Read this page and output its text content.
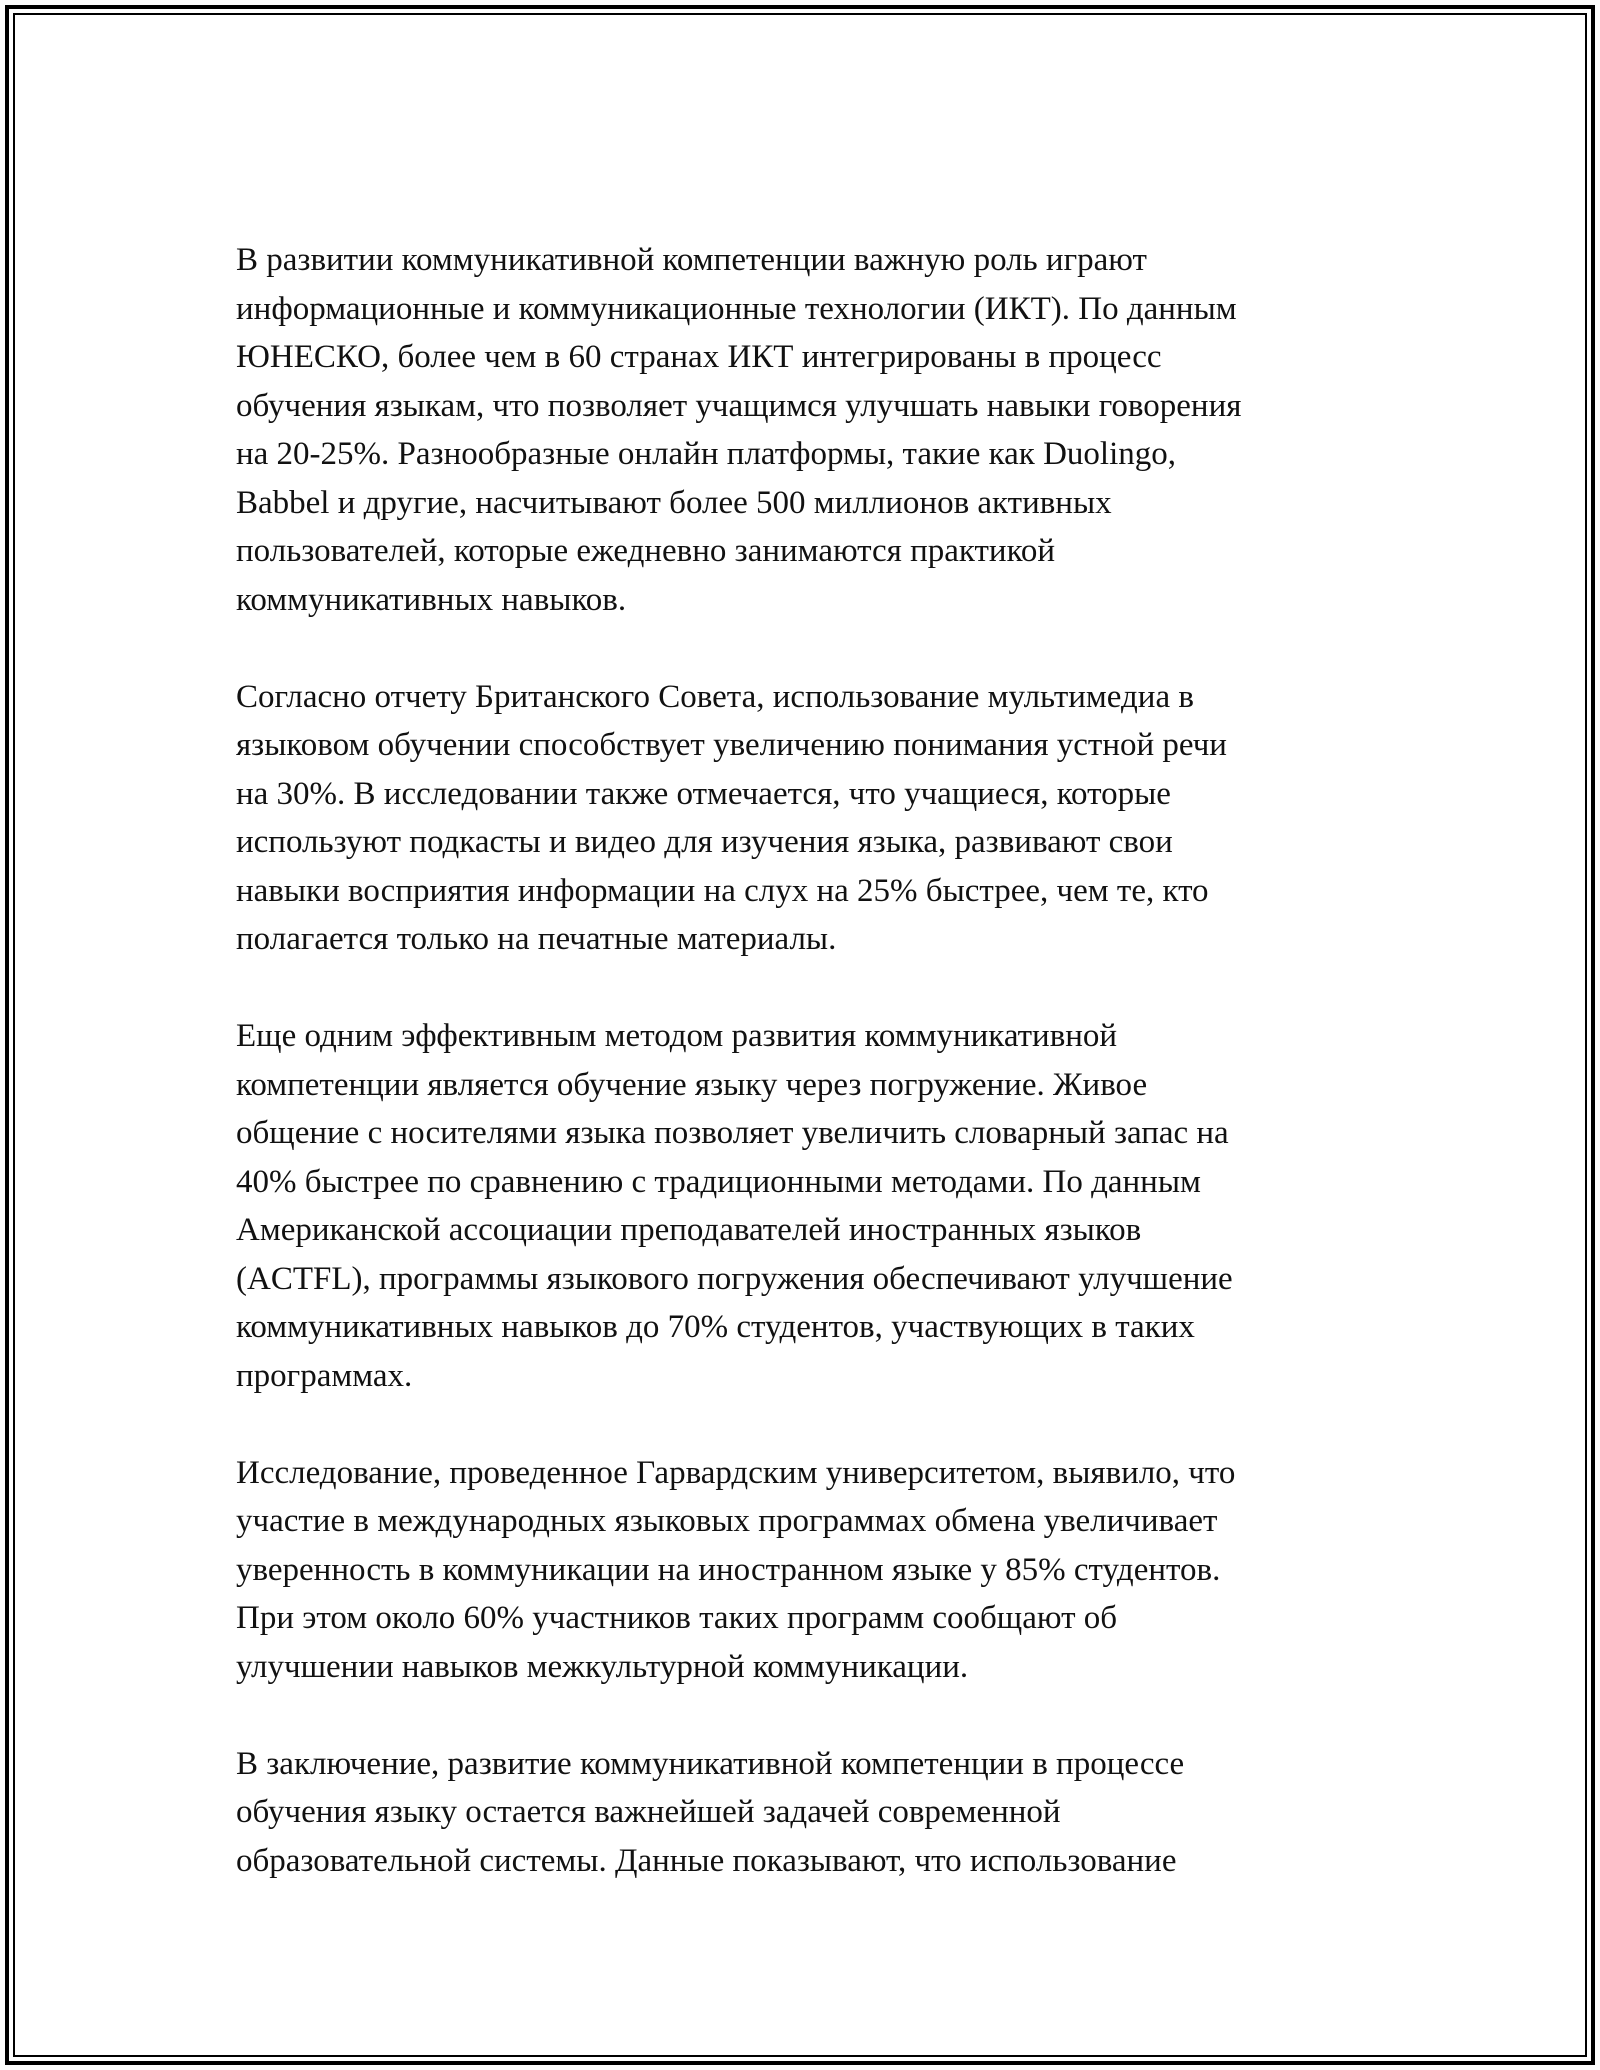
В развитии коммуникативной компетенции важную роль играют
информационные и коммуникационные технологии (ИКТ). По данным
ЮНЕСКО, более чем в 60 странах ИКТ интегрированы в процесс
обучения языкам, что позволяет учащимся улучшать навыки говорения
на 20-25%. Разнообразные онлайн платформы, такие как Duolingo,
Babbel и другие, насчитывают более 500 миллионов активных
пользователей, которые ежедневно занимаются практикой
коммуникативных навыков.

Согласно отчету Британского Совета, использование мультимедиа в
языковом обучении способствует увеличению понимания устной речи
на 30%. В исследовании также отмечается, что учащиеся, которые
используют подкасты и видео для изучения языка, развивают свои
навыки восприятия информации на слух на 25% быстрее, чем те, кто
полагается только на печатные материалы.

Еще одним эффективным методом развития коммуникативной
компетенции является обучение языку через погружение. Живое
общение с носителями языка позволяет увеличить словарный запас на
40% быстрее по сравнению с традиционными методами. По данным
Американской ассоциации преподавателей иностранных языков
(ACTFL), программы языкового погружения обеспечивают улучшение
коммуникативных навыков до 70% студентов, участвующих в таких
программах.

Исследование, проведенное Гарвардским университетом, выявило, что
участие в международных языковых программах обмена увеличивает
уверенность в коммуникации на иностранном языке у 85% студентов.
При этом около 60% участников таких программ сообщают об
улучшении навыков межкультурной коммуникации.

В заключение, развитие коммуникативной компетенции в процессе
обучения языку остается важнейшей задачей современной
образовательной системы. Данные показывают, что использование
